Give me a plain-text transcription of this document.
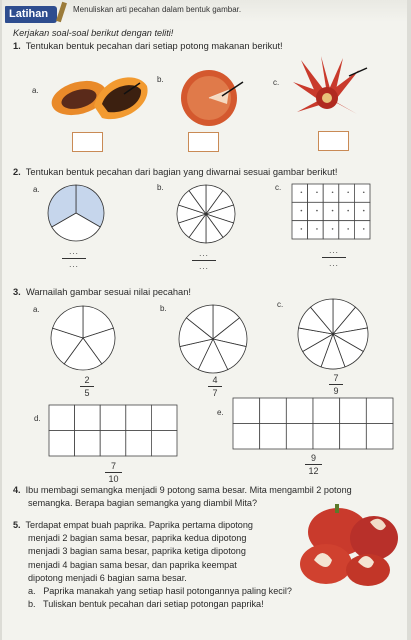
Latihan	Menuliskan arti pecahan dalam bentuk gambar.
Kerjakan soal-soal berikut dengan teliti!
1. Tentukan bentuk pecahan dari setiap potong makanan berikut!
a.
b.	c.
2. Tentukan bentuk pecahan dari bagian yang diwarnai sesuai gambar berikut!
a.	b.	c.
...
...
...
...
...
...
3. Warnailah gambar sesuai nilai pecahan!
a.	b.	c.
2
5
4
7
7
9
d.
e.
7
10
9
12
4. Ibu membagi semangka menjadi 9 potong sama besar. Mita mengambil 2 potong
semangka. Berapa bagian semangka yang diambil Mita?
5. Terdapat empat buah paprika. Paprika pertama dipotong
menjadi 2 bagian sama besar, paprika kedua dipotong
menjadi 3 bagian sama besar, paprika ketiga dipotong
menjadi 4 bagian sama besar, dan paprika keempat
dipotong menjadi 6 bagian sama besar.
a. Paprika manakah yang setiap hasil potongannya paling kecil?
b. Tuliskan bentuk pecahan dari setiap potongan paprika!
